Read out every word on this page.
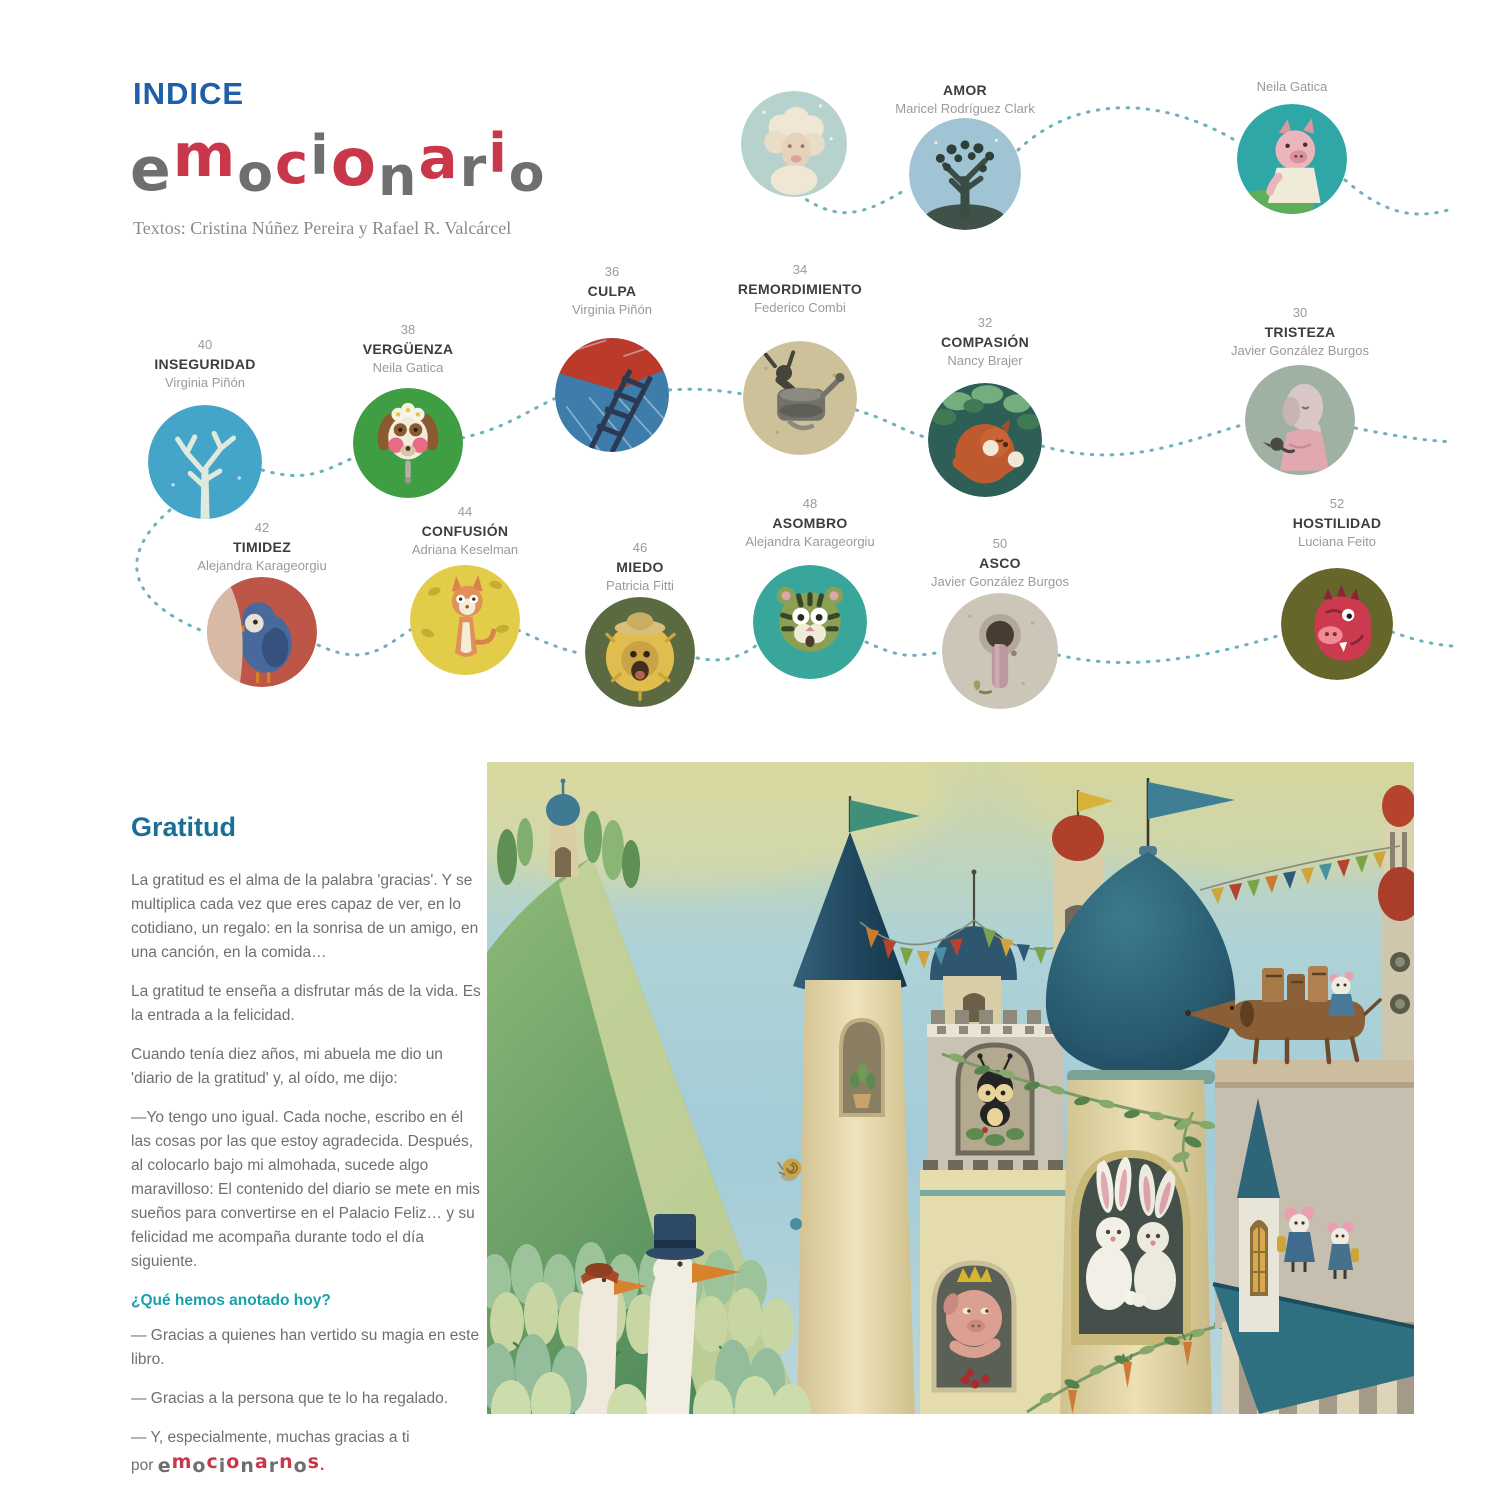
INDICE
emocionario
Textos: Cristina Núñez Pereira y Rafael R. Valcárcel
AMOR
Maricel Rodríguez Clark
Neila Gatica
40
INSEGURIDAD
Virginia Piñón
38
VERGÜENZA
Neila Gatica
36
CULPA
Virginia Piñón
34
REMORDIMIENTO
Federico Combi
32
COMPASIÓN
Nancy Brajer
30
TRISTEZA
Javier González Burgos
42
TIMIDEZ
Alejandra Karageorgiu
44
CONFUSIÓN
Adriana Keselman	46
MIEDO
Patricia Fitti
48
ASOMBRO
Alejandra Karageorgiu	50
ASCO
Javier González Burgos
52
HOSTILIDAD
Luciana Feito
Gratitud

La gratitud es el alma de la palabra 'gracias'. Y se multiplica cada vez que eres capaz de ver, en lo cotidiano, un regalo: en la sonrisa de un amigo, en una canción, en la comida…

La gratitud te enseña a disfrutar más de la vida. Es la entrada a la felicidad.

Cuando tenía diez años, mi abuela me dio un 'diario de la gratitud' y, al oído, me dijo:

—Yo tengo uno igual. Cada noche, escribo en él las cosas por las que estoy agradecida. Después, al colocarlo bajo mi almohada, sucede algo maravilloso: El contenido del diario se mete en mis sueños para convertirse en el Palacio Feliz… y su felicidad me acompaña durante todo el día siguiente.

¿Qué hemos anotado hoy?

— Gracias a quienes han vertido su magia en este libro.

— Gracias a la persona que te lo ha regalado.

— Y, especialmente, muchas gracias a ti

por emocionarnos.
